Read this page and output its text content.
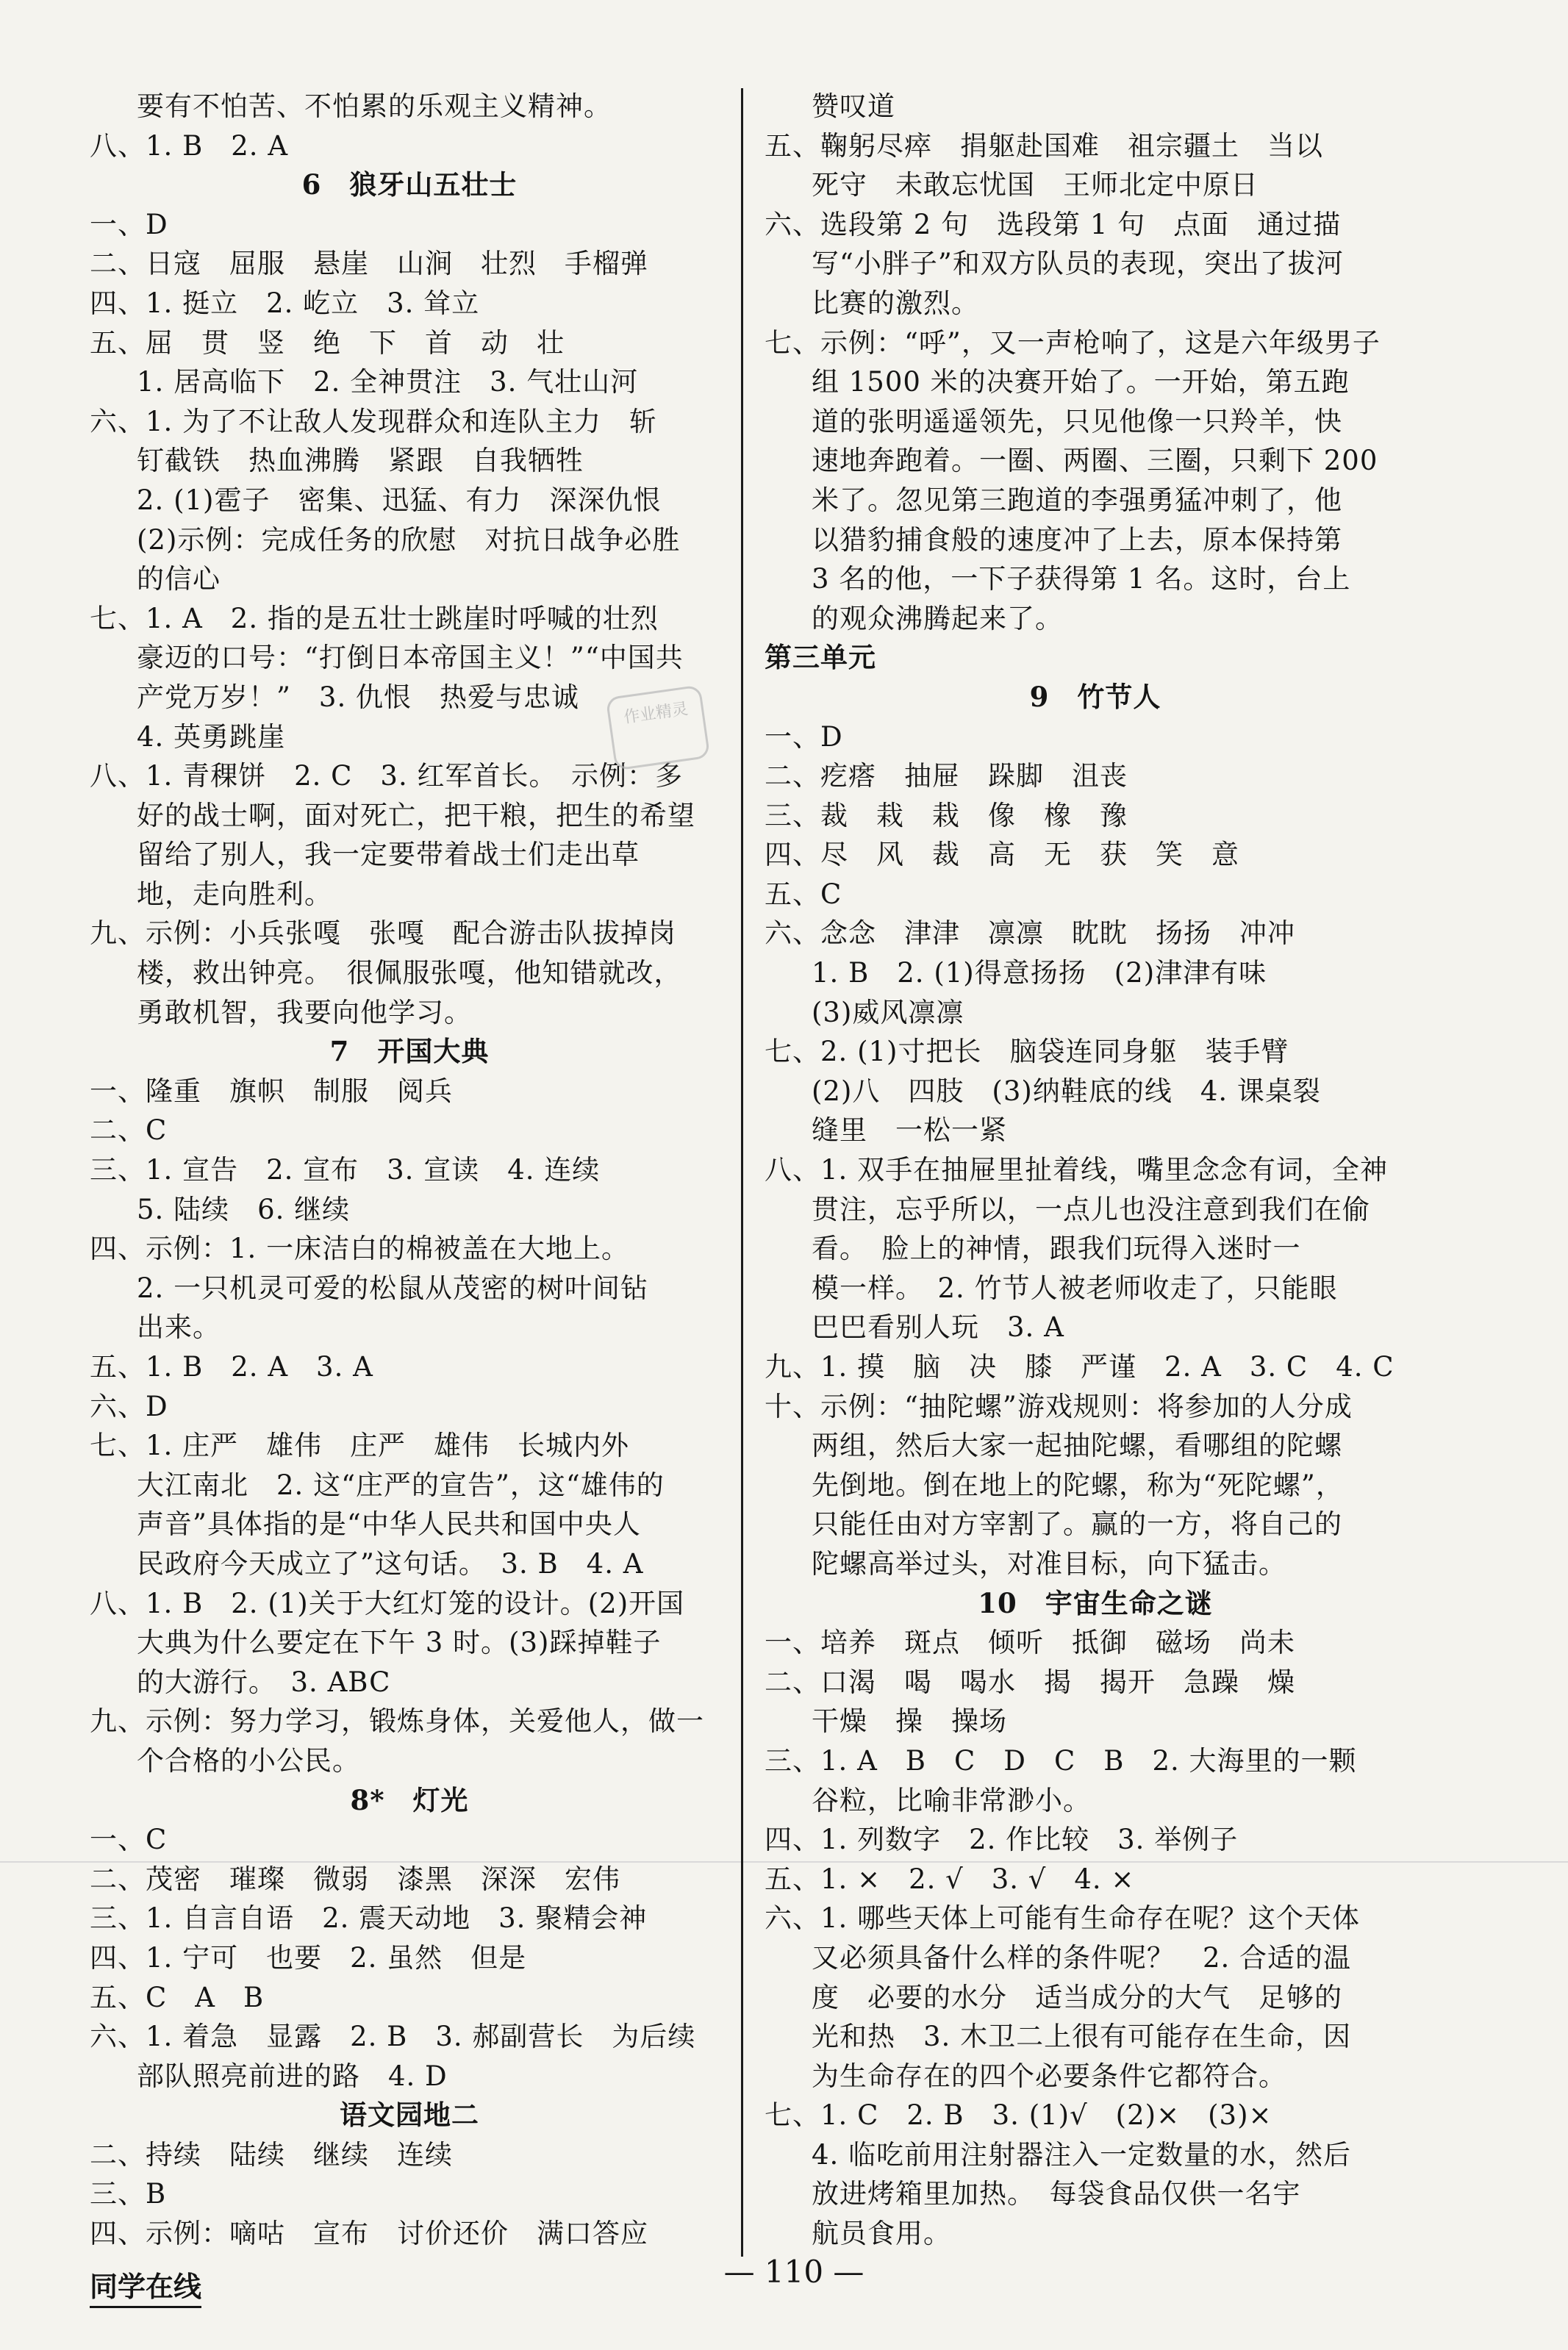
要有不怕苦、不怕累的乐观主义精神。
八、1. B　2. A
6　狼牙山五壮士
一、D
二、日寇　屈服　悬崖　山涧　壮烈　手榴弹
四、1. 挺立　2. 屹立　3. 耸立
五、屈　贯　竖　绝　下　首　动　壮
1. 居高临下　2. 全神贯注　3. 气壮山河
六、1. 为了不让敌人发现群众和连队主力　斩
钉截铁　热血沸腾　紧跟　自我牺牲
2. (1)雹子　密集、迅猛、有力　深深仇恨
(2)示例：完成任务的欣慰　对抗日战争必胜
的信心
七、1. A　2. 指的是五壮士跳崖时呼喊的壮烈
豪迈的口号：“打倒日本帝国主义！”“中国共
产党万岁！”　3. 仇恨　热爱与忠诚
4. 英勇跳崖
八、1. 青稞饼　2. C　3. 红军首长。　示例：多
好的战士啊，面对死亡，把干粮，把生的希望
留给了别人，我一定要带着战士们走出草
地，走向胜利。
九、示例：小兵张嘎　张嘎　配合游击队拔掉岗
楼，救出钟亮。　很佩服张嘎，他知错就改，
勇敢机智，我要向他学习。
7　开国大典
一、隆重　旗帜　制服　阅兵
二、C
三、1. 宣告　2. 宣布　3. 宣读　4. 连续
5. 陆续　6. 继续
四、示例：1. 一床洁白的棉被盖在大地上。
2. 一只机灵可爱的松鼠从茂密的树叶间钻
出来。
五、1. B　2. A　3. A
六、D
七、1. 庄严　雄伟　庄严　雄伟　长城内外
大江南北　2. 这“庄严的宣告”，这“雄伟的
声音”具体指的是“中华人民共和国中央人
民政府今天成立了”这句话。　3. B　4. A
八、1. B　2. (1)关于大红灯笼的设计。(2)开国
大典为什么要定在下午 3 时。(3)踩掉鞋子
的大游行。　3. ABC
九、示例：努力学习，锻炼身体，关爱他人，做一
个合格的小公民。
8*　灯光
一、C
二、茂密　璀璨　微弱　漆黑　深深　宏伟
三、1. 自言自语　2. 震天动地　3. 聚精会神
四、1. 宁可　也要　2. 虽然　但是
五、C　A　B
六、1. 着急　显露　2. B　3. 郝副营长　为后续
部队照亮前进的路　4. D
语文园地二
二、持续　陆续　继续　连续
三、B
四、示例：嘀咕　宣布　讨价还价　满口答应
赞叹道
五、鞠躬尽瘁　捐躯赴国难　祖宗疆土　当以
死守　未敢忘忧国　王师北定中原日
六、选段第 2 句　选段第 1 句　点面　通过描
写“小胖子”和双方队员的表现，突出了拔河
比赛的激烈。
七、示例：“呼”，又一声枪响了，这是六年级男子
组 1500 米的决赛开始了。一开始，第五跑
道的张明遥遥领先，只见他像一只羚羊，快
速地奔跑着。一圈、两圈、三圈，只剩下 200
米了。忽见第三跑道的李强勇猛冲刺了，他
以猎豹捕食般的速度冲了上去，原本保持第
3 名的他，一下子获得第 1 名。这时，台上
的观众沸腾起来了。
第三单元
9　竹节人
一、D
二、疙瘩　抽屉　跺脚　沮丧
三、裁　栽　栽　像　橡　豫
四、尽　风　裁　高　无　获　笑　意
五、C
六、念念　津津　凛凛　眈眈　扬扬　冲冲
1. B　2. (1)得意扬扬　(2)津津有味
(3)威风凛凛
七、2. (1)寸把长　脑袋连同身躯　装手臂
(2)八　四肢　(3)纳鞋底的线　4. 课桌裂
缝里　一松一紧
八、1. 双手在抽屉里扯着线，嘴里念念有词，全神
贯注，忘乎所以，一点儿也没注意到我们在偷
看。　脸上的神情，跟我们玩得入迷时一
模一样。　2. 竹节人被老师收走了，只能眼
巴巴看别人玩　3. A
九、1. 摸　脑　决　膝　严谨　2. A　3. C　4. C
十、示例：“抽陀螺”游戏规则：将参加的人分成
两组，然后大家一起抽陀螺，看哪组的陀螺
先倒地。倒在地上的陀螺，称为“死陀螺”，
只能任由对方宰割了。赢的一方，将自己的
陀螺高举过头，对准目标，向下猛击。
10　宇宙生命之谜
一、培养　斑点　倾听　抵御　磁场　尚未
二、口渴　喝　喝水　揭　揭开　急躁　燥
干燥　操　操场
三、1. A　B　C　D　C　B　2. 大海里的一颗
谷粒，比喻非常渺小。
四、1. 列数字　2. 作比较　3. 举例子
五、1. ×　2. √　3. √　4. ×
六、1. 哪些天体上可能有生命存在呢？这个天体
又必须具备什么样的条件呢？　2. 合适的温
度　必要的水分　适当成分的大气　足够的
光和热　3. 木卫二上很有可能存在生命，因
为生命存在的四个必要条件它都符合。
七、1. C　2. B　3. (1)√　(2)×　(3)×
4. 临吃前用注射器注入一定数量的水，然后
放进烤箱里加热。　每袋食品仅供一名宇
航员食用。
作业精灵
同学在线	— 110 —
